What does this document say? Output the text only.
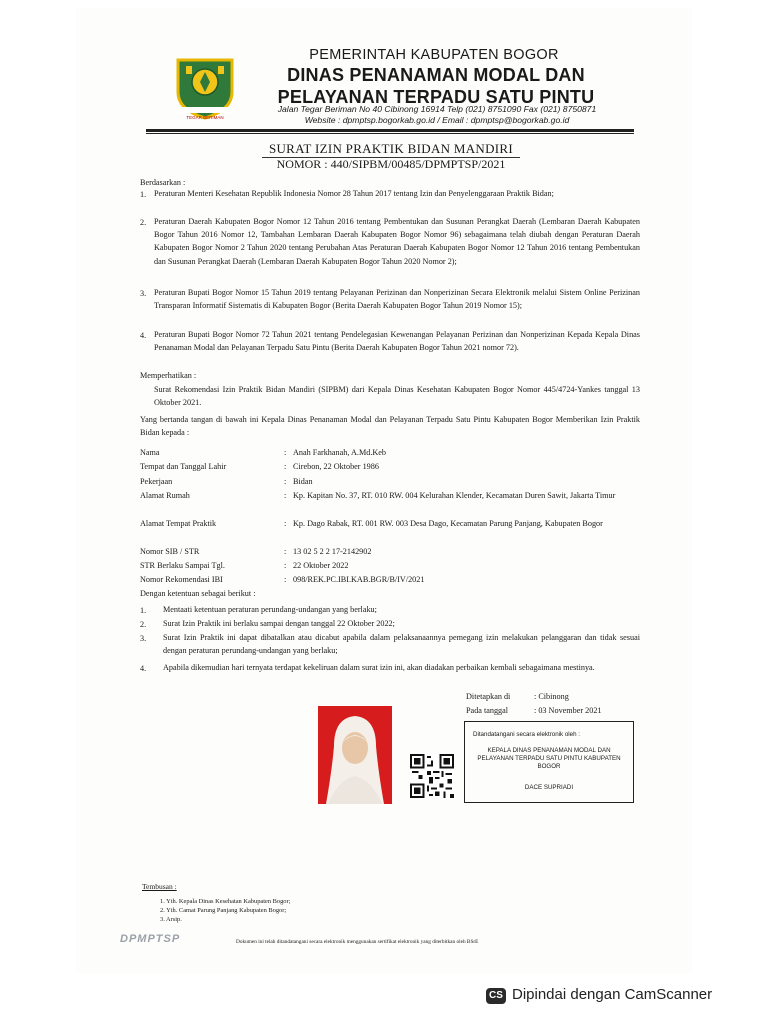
TEGAR BERIMAN
PEMERINTAH KABUPATEN BOGOR
DINAS PENANAMAN MODAL DAN
PELAYANAN TERPADU SATU PINTU
Jalan Tegar Beriman No 40 Cibinong 16914 Telp (021) 8751090 Fax (021) 8750871
Website : dpmptsp.bogorkab.go.id / Email : dpmptsp@bogorkab.go.id
SURAT IZIN PRAKTIK BIDAN MANDIRI
NOMOR : 440/SIPBM/00485/DPMPTSP/2021
Berdasarkan :
1. Peraturan Menteri Kesehatan Republik Indonesia Nomor 28 Tahun 2017 tentang Izin dan Penyelenggaraan Praktik Bidan;
2. Peraturan Daerah Kabupaten Bogor Nomor 12 Tahun 2016 tentang Pembentukan dan Susunan Perangkat Daerah (Lembaran Daerah Kabupaten Bogor Tahun 2016 Nomor 12, Tambahan Lembaran Daerah Kabupaten Bogor Nomor 96) sebagaimana telah diubah dengan Peraturan Daerah Kabupaten Bogor Nomor 2 Tahun 2020 tentang Perubahan Atas Peraturan Daerah Kabupaten Bogor Nomor 12 Tahun 2016 tentang Pembentukan dan Susunan Perangkat Daerah (Lembaran Daerah Kabupaten Bogor Tahun 2020 Nomor 2);
3. Peraturan Bupati Bogor Nomor 15 Tahun 2019 tentang Pelayanan Perizinan dan Nonperizinan Secara Elektronik melalui Sistem Online Perizinan Transparan Informatif Sistematis di Kabupaten Bogor (Berita Daerah Kabupaten Bogor Tahun 2019 Nomor 15);
4. Peraturan Bupati Bogor Nomor 72 Tahun 2021 tentang Pendelegasian Kewenangan Pelayanan Perizinan dan Nonperizinan Kepada Kepala Dinas Penanaman Modal dan Pelayanan Terpadu Satu Pintu (Berita Daerah Kabupaten Bogor Tahun 2021 nomor 72).
Memperhatikan :
Surat Rekomendasi Izin Praktik Bidan Mandiri (SIPBM) dari Kepala Dinas Kesehatan Kabupaten Bogor Nomor 445/4724-Yankes tanggal 13 Oktober 2021.
Yang bertanda tangan di bawah ini Kepala Dinas Penanaman Modal dan Pelayanan Terpadu Satu Pintu Kabupaten Bogor Memberikan Izin Praktik Bidan kepada :
Nama	: Anah Farkhanah, A.Md.Keb
Tempat dan Tanggal Lahir	: Cirebon, 22 Oktober 1986
Pekerjaan	: Bidan
Alamat Rumah	: Kp. Kapitan No. 37, RT. 010 RW. 004 Kelurahan Klender, Kecamatan Duren Sawit, Jakarta Timur
Alamat Tempat Praktik	: Kp. Dago Rabak, RT. 001 RW. 003 Desa Dago, Kecamatan Parung Panjang, Kabupaten Bogor
Nomor SIB / STR	: 13 02 5 2 2 17-2142902
STR Berlaku Sampai Tgl.	: 22 Oktober 2022
Nomor Rekomendasi IBI	: 098/REK.PC.IBI.KAB.BGR/B/IV/2021
Dengan ketentuan sebagai berikut :
1. Mentaati ketentuan peraturan perundang-undangan yang berlaku;
2. Surat Izin Praktik ini berlaku sampai dengan tanggal 22 Oktober 2022;
3. Surat Izin Praktik ini dapat dibatalkan atau dicabut apabila dalam pelaksanaannya pemegang izin melakukan pelanggaran dan tidak sesuai dengan peraturan perundang-undangan yang berlaku;
4. Apabila dikemudian hari ternyata terdapat kekeliruan dalam surat izin ini, akan diadakan perbaikan kembali sebagaimana mestinya.
Ditetapkan di	: Cibinong
Pada tanggal	: 03 November 2021
Ditandatangani secara elektronik oleh :
KEPALA DINAS PENANAMAN MODAL DAN PELAYANAN TERPADU SATU PINTU KABUPATEN BOGOR
DACE SUPRIADI
Tembusan :
1. Yth. Kepala Dinas Kesehatan Kabupaten Bogor;
2. Yth. Camat Parung Panjang Kabupaten Bogor;
3. Arsip.
DPMPTSP	Dokumen ini telah ditandatangani secara elektronik menggunakan sertifikat elektronik yang diterbitkan oleh BSrE
CS Dipindai dengan CamScanner
